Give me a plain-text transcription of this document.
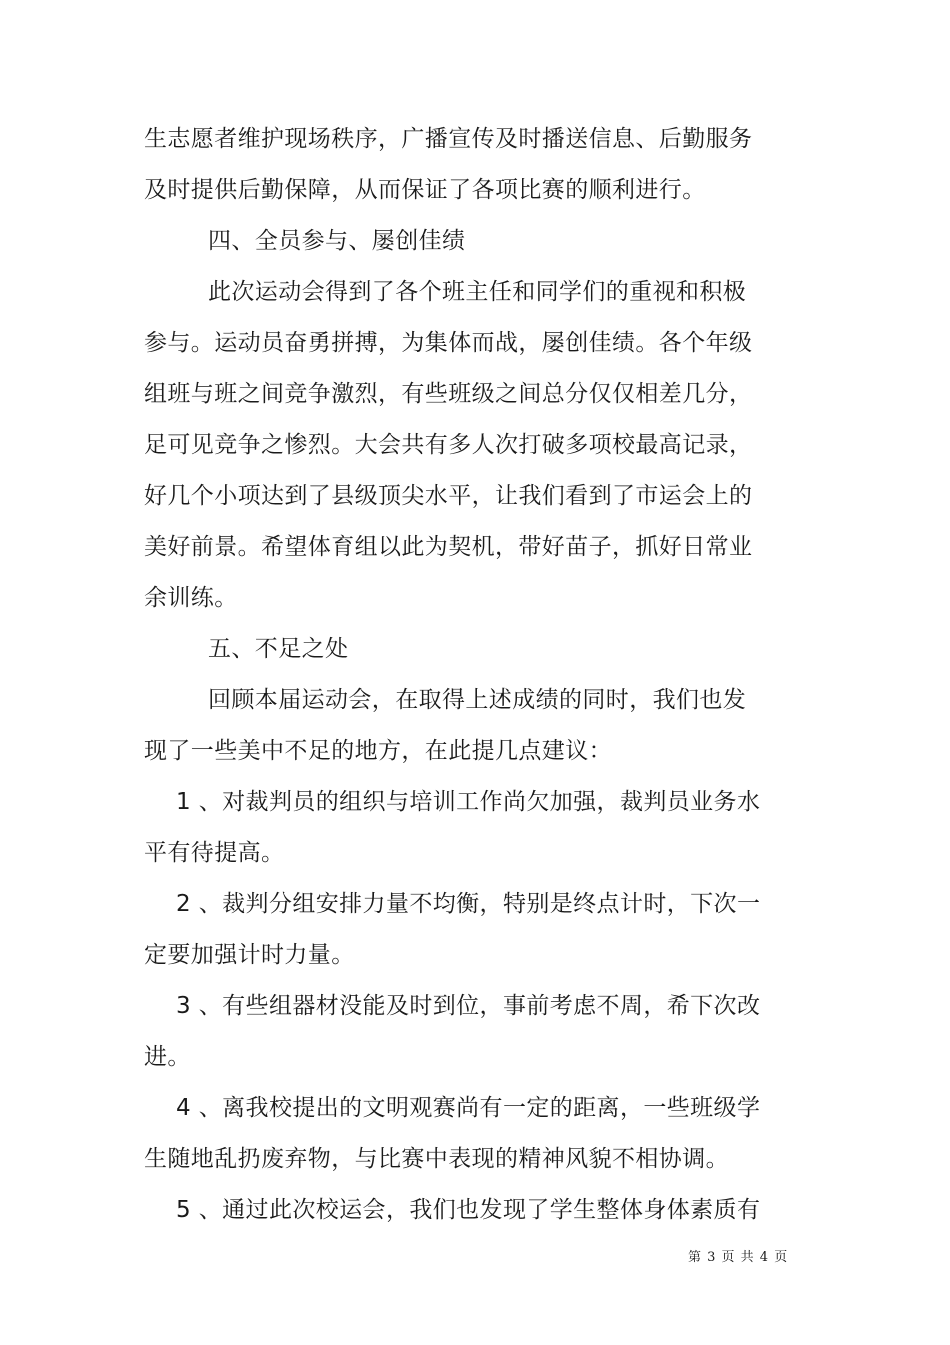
生志愿者维护现场秩序，广播宣传及时播送信息、后勤服务
及时提供后勤保障，从而保证了各项比赛的顺利进行。
四、全员参与、屡创佳绩
此次运动会得到了各个班主任和同学们的重视和积极
参与。运动员奋勇拼搏，为集体而战，屡创佳绩。各个年级
组班与班之间竞争激烈，有些班级之间总分仅仅相差几分，
足可见竞争之惨烈。大会共有多人次打破多项校最高记录，
好几个小项达到了县级顶尖水平，让我们看到了市运会上的
美好前景。希望体育组以此为契机，带好苗子，抓好日常业
余训练。
五、不足之处
回顾本届运动会，在取得上述成绩的同时，我们也发
现了一些美中不足的地方，在此提几点建议：
1 、对裁判员的组织与培训工作尚欠加强，裁判员业务水
平有待提高。
2 、裁判分组安排力量不均衡，特别是终点计时，下次一
定要加强计时力量。
3 、有些组器材没能及时到位，事前考虑不周，希下次改
进。
4 、离我校提出的文明观赛尚有一定的距离，一些班级学
生随地乱扔废弃物，与比赛中表现的精神风貌不相协调。
5 、通过此次校运会，我们也发现了学生整体身体素质有
第 3 页 共 4 页
